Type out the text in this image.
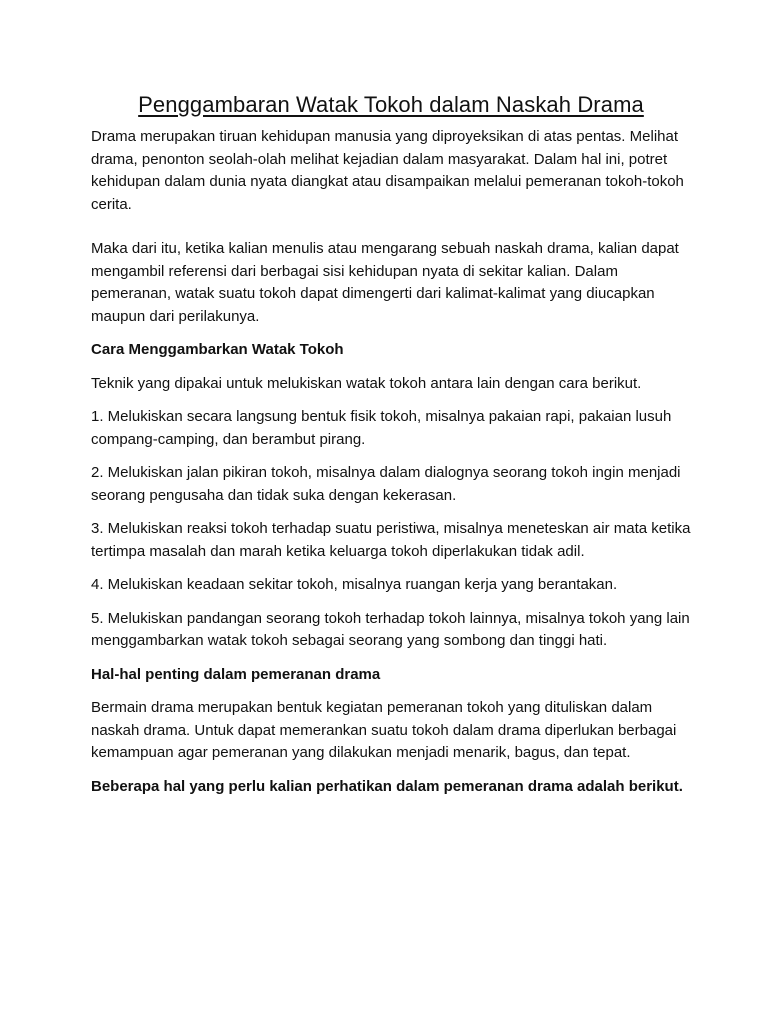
Penggambaran Watak Tokoh dalam Naskah Drama

Drama merupakan tiruan kehidupan manusia yang diproyeksikan di atas pentas. Melihat drama, penonton seolah-olah melihat kejadian dalam masyarakat. Dalam hal ini, potret kehidupan dalam dunia nyata diangkat atau disampaikan melalui pemeranan tokoh-tokoh cerita.

Maka dari itu, ketika kalian menulis atau mengarang sebuah naskah drama, kalian dapat mengambil referensi dari berbagai sisi kehidupan nyata di sekitar kalian. Dalam pemeranan, watak suatu tokoh dapat dimengerti dari kalimat-kalimat yang diucapkan maupun dari perilakunya.

Cara Menggambarkan Watak Tokoh

Teknik yang dipakai untuk melukiskan watak tokoh antara lain dengan cara berikut.

1. Melukiskan secara langsung bentuk fisik tokoh, misalnya pakaian rapi, pakaian lusuh compang-camping, dan berambut pirang.

2. Melukiskan jalan pikiran tokoh, misalnya dalam dialognya seorang tokoh ingin menjadi seorang pengusaha dan tidak suka dengan kekerasan.

3. Melukiskan reaksi tokoh terhadap suatu peristiwa, misalnya meneteskan air mata ketika tertimpa masalah dan marah ketika keluarga tokoh diperlakukan tidak adil.

4. Melukiskan keadaan sekitar tokoh, misalnya ruangan kerja yang berantakan.

5. Melukiskan pandangan seorang tokoh terhadap tokoh lainnya, misalnya tokoh yang lain menggambarkan watak tokoh sebagai seorang yang sombong dan tinggi hati.

Hal-hal penting dalam pemeranan drama

Bermain drama merupakan bentuk kegiatan pemeranan tokoh yang dituliskan dalam naskah drama. Untuk dapat memerankan suatu tokoh dalam drama diperlukan berbagai kemampuan agar pemeranan yang dilakukan menjadi menarik, bagus, dan tepat.

Beberapa hal yang perlu kalian perhatikan dalam pemeranan drama adalah berikut.
